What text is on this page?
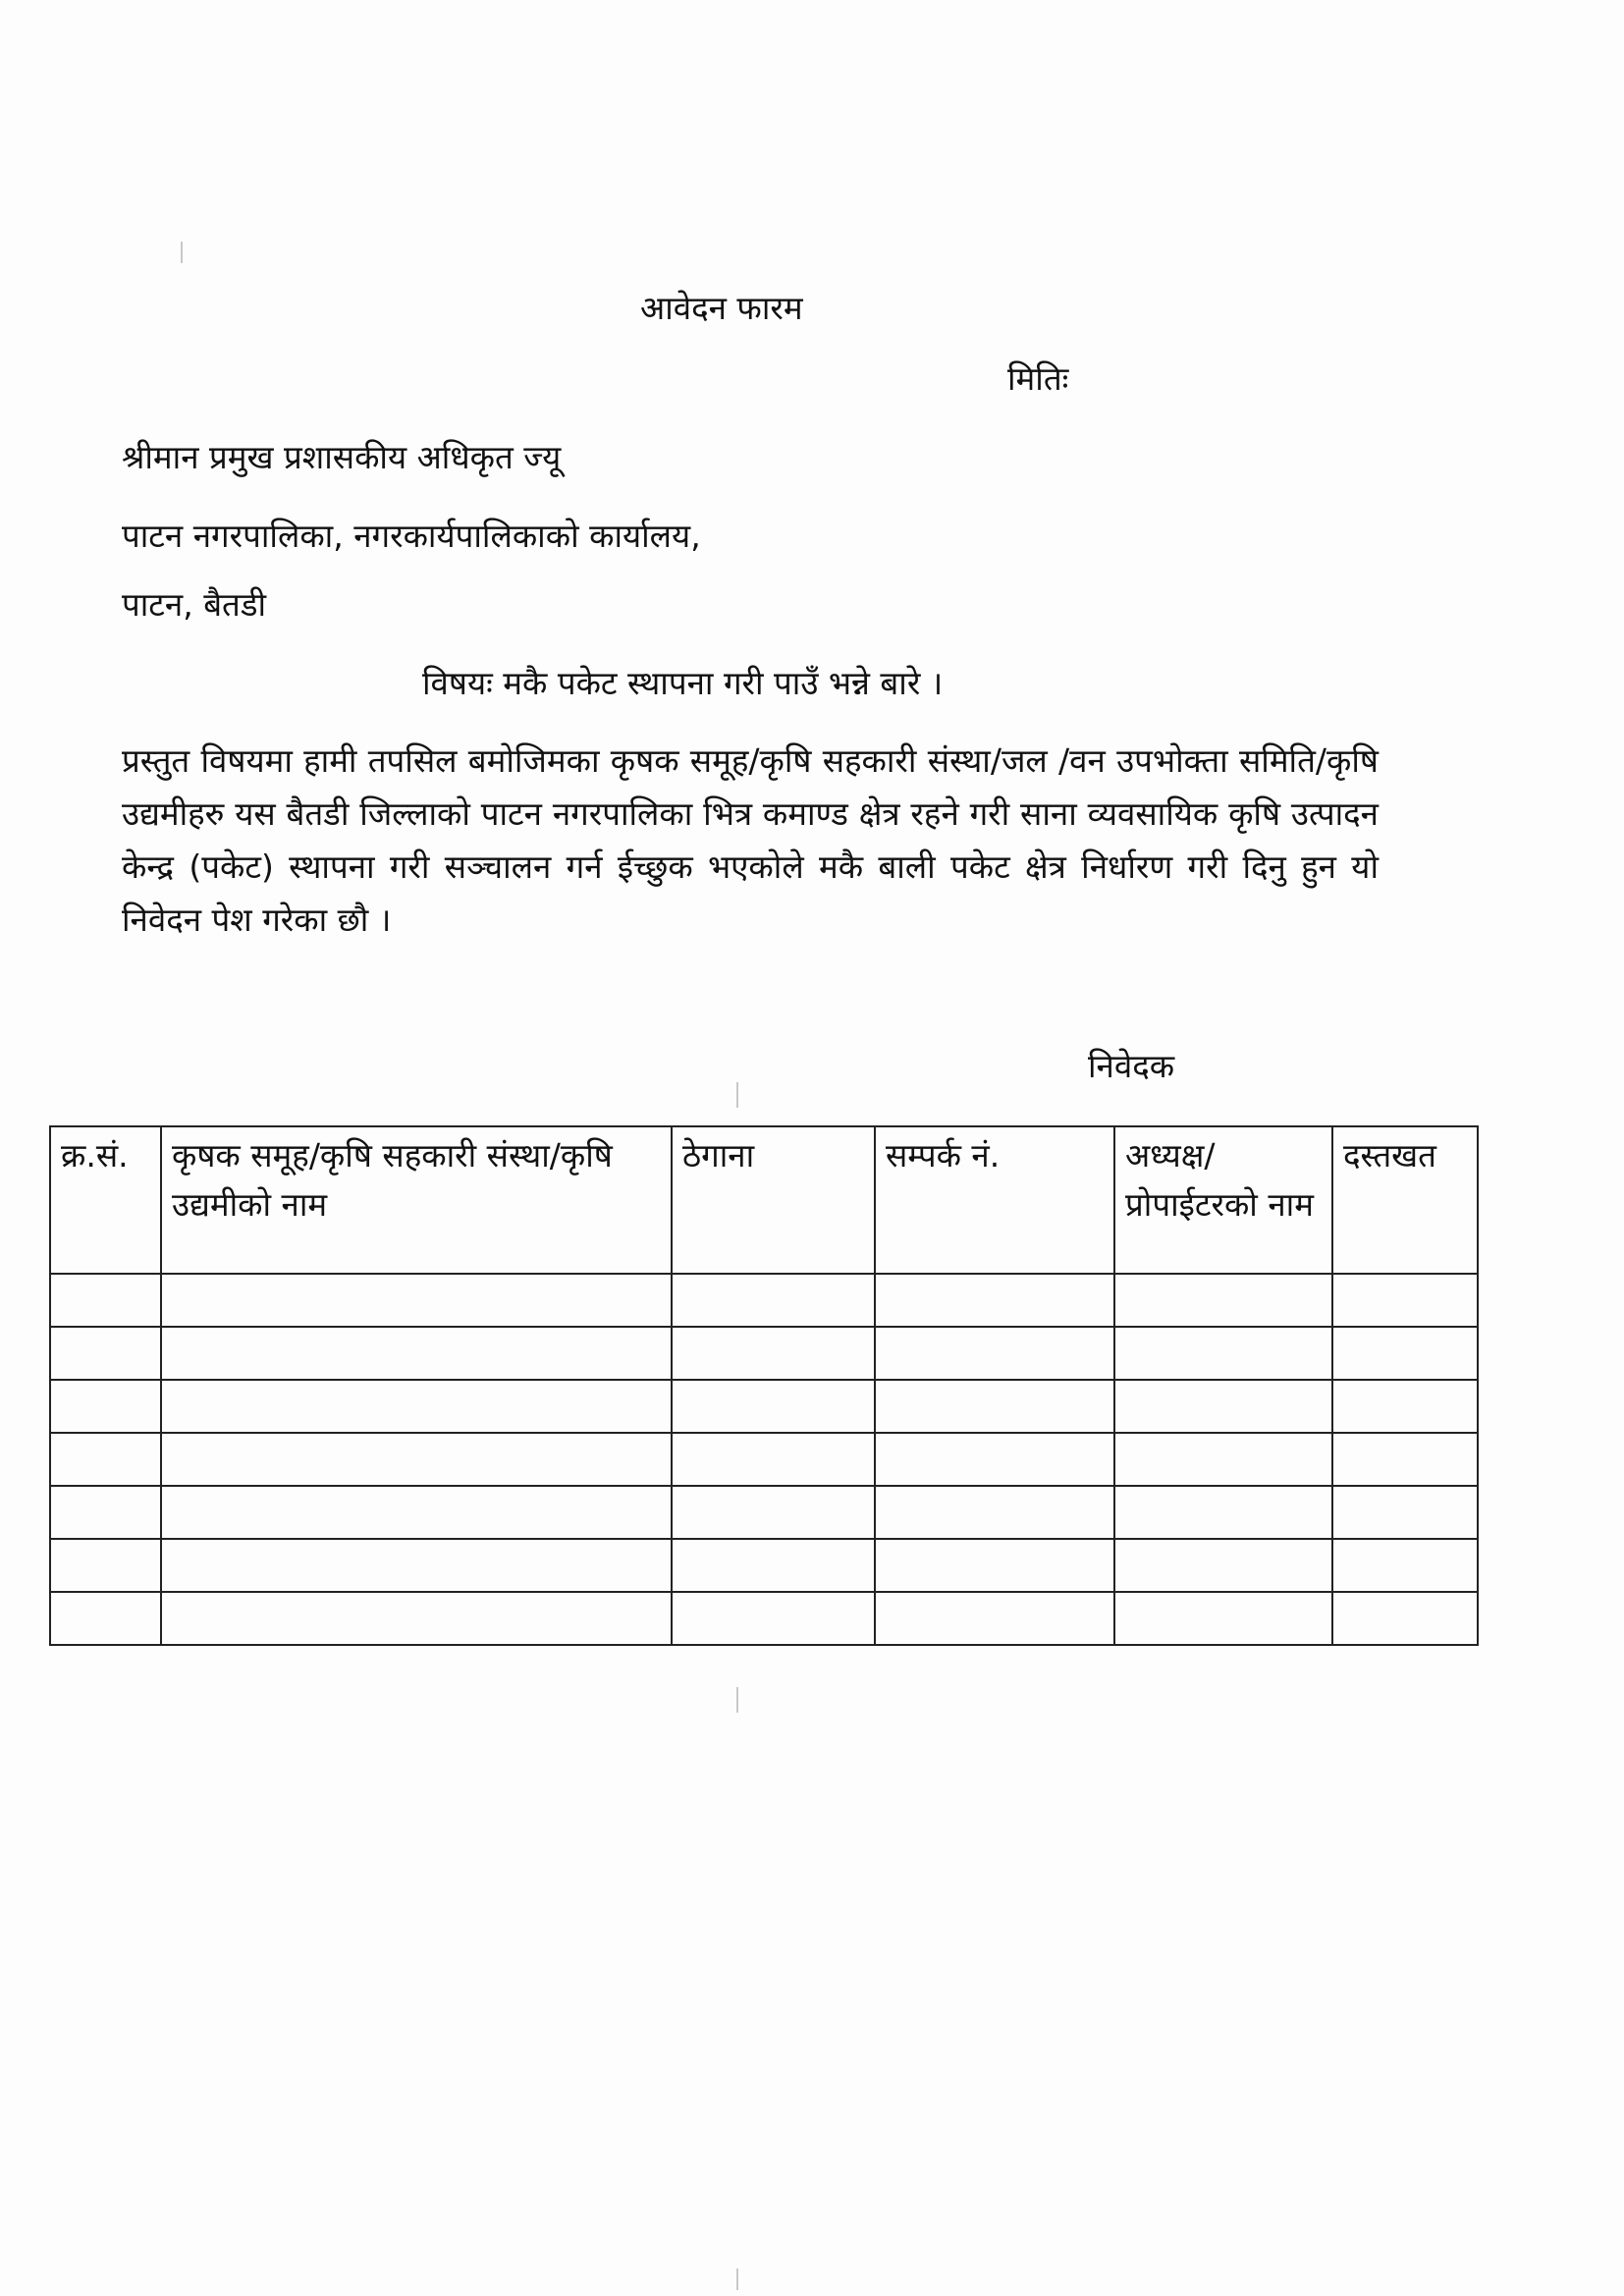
आवेदन फारम
मितिः
श्रीमान प्रमुख प्रशासकीय अधिकृत ज्यू
पाटन नगरपालिका, नगरकार्यपालिकाको कार्यालय,
पाटन, बैतडी
विषयः मकै पकेट स्थापना गरी पाउँ भन्ने बारे ।
प्रस्तुत विषयमा हामी तपसिल बमोजिमका कृषक समूह/कृषि सहकारी संस्था/जल /वन उपभोक्ता समिति/कृषि उद्यमीहरु यस बैतडी जिल्लाको पाटन नगरपालिका भित्र कमाण्ड क्षेत्र रहने गरी साना व्यवसायिक कृषि उत्पादन केन्द्र (पकेट) स्थापना गरी सञ्चालन गर्न ईच्छुक भएकोले मकै बाली पकेट क्षेत्र निर्धारण गरी दिनु हुन यो निवेदन पेश गरेका छौ ।
निवेदक
क्र.सं.	कृषक समूह/कृषि सहकारी संस्था/कृषि उद्यमीको नाम	ठेगाना	सम्पर्क नं.	अध्यक्ष/ प्रोपाईटरको नाम	दस्तखत
